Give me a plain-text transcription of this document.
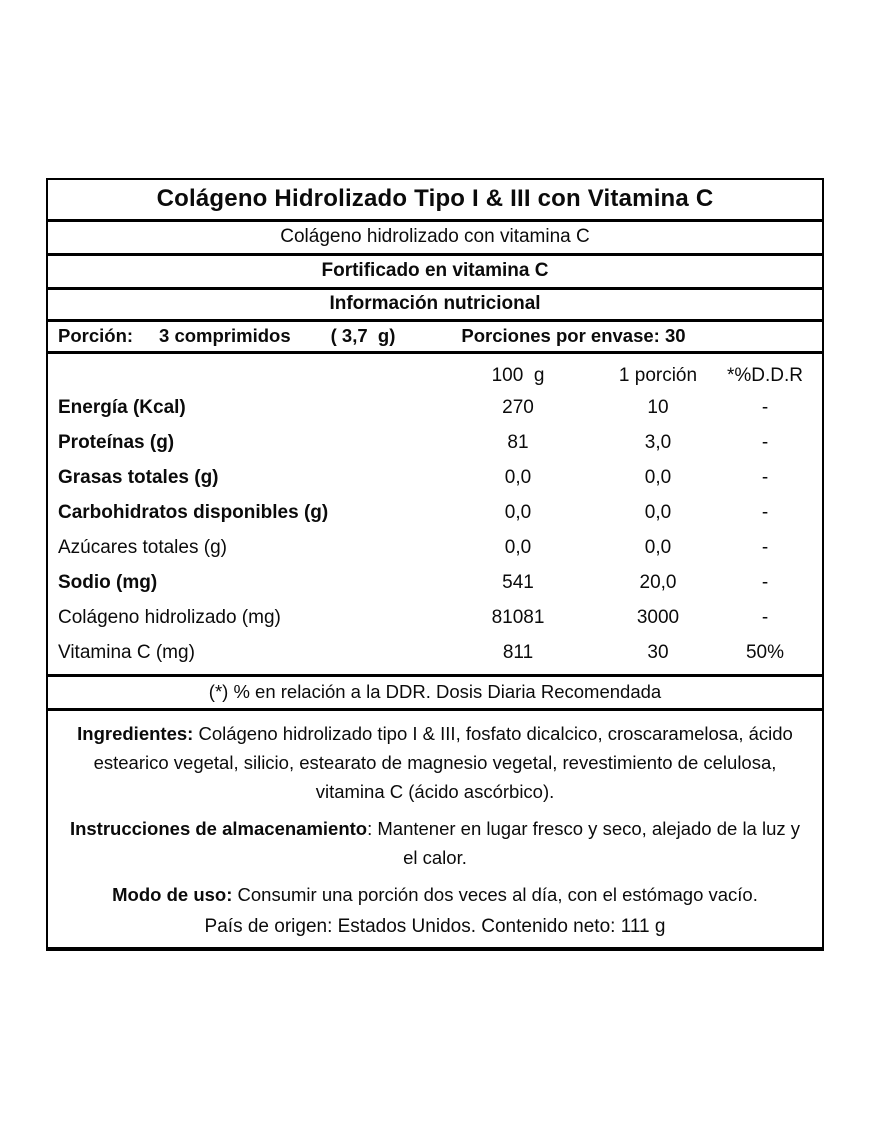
Colágeno Hidrolizado Tipo I & III con Vitamina C
Colágeno hidrolizado con vitamina C
Fortificado en vitamina C
Información nutricional
Porción: 3 comprimidos ( 3,7  g)	Porciones por envase: 30
100  g	1 porción	*%D.D.R
Energía (Kcal)	270	10	-
Proteínas (g)	81	3,0	-
Grasas totales (g)	0,0	0,0	-
Carbohidratos disponibles (g)	0,0	0,0	-
Azúcares totales (g)	0,0	0,0	-
Sodio (mg)	541	20,0	-
Colágeno hidrolizado (mg)	81081	3000	-
Vitamina C (mg)	811	30	50%
(*) % en relación a la DDR. Dosis Diaria Recomendada
Ingredientes: Colágeno hidrolizado tipo I & III, fosfato dicalcico, croscaramelosa, ácido estearico vegetal, silicio, estearato de magnesio vegetal, revestimiento de celulosa, vitamina C (ácido ascórbico).
Instrucciones de almacenamiento: Mantener en lugar fresco y seco, alejado de la luz y el calor.
Modo de uso: Consumir una porción dos veces al día, con el estómago vacío.
País de origen: Estados Unidos. Contenido neto: 111 g
